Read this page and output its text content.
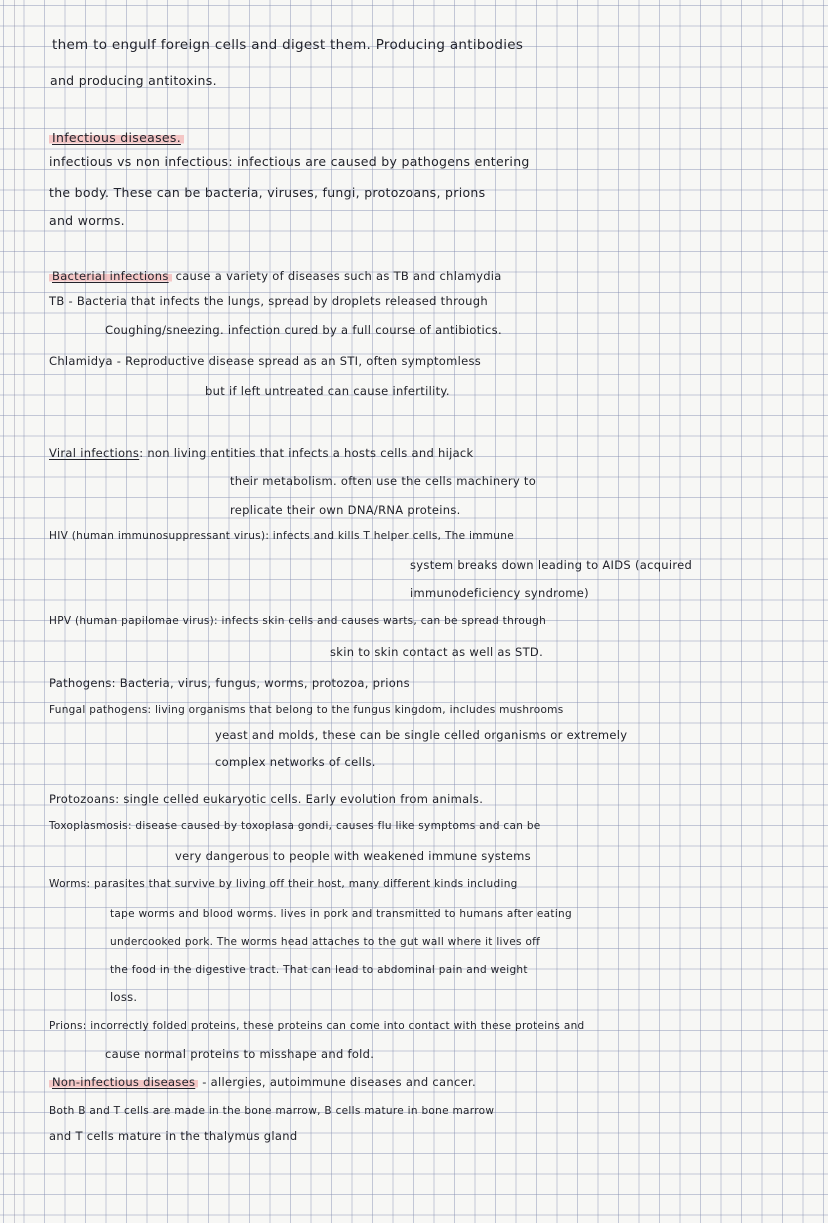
them to engulf foreign cells and digest them. Producing antibodies
and producing antitoxins.
Infectious diseases.
infectious vs non infectious: infectious are caused by pathogens entering
the body. These can be bacteria, viruses, fungi, protozoans, prions
and worms.
Bacterial infections cause a variety of diseases such as TB and chlamydia
TB - Bacteria that infects the lungs, spread by droplets released through
Coughing/sneezing. infection cured by a full course of antibiotics.
Chlamidya - Reproductive disease spread as an STI, often symptomless
but if left untreated can cause infertility.
Viral infections: non living entities that infects a hosts cells and hijack
their metabolism. often use the cells machinery to
replicate their own DNA/RNA proteins.
HIV (human immunosuppressant virus): infects and kills T helper cells, The immune
system breaks down leading to AIDS (acquired
immunodeficiency syndrome)
HPV (human papilomae virus): infects skin cells and causes warts, can be spread through
skin to skin contact as well as STD.
Pathogens: Bacteria, virus, fungus, worms, protozoa, prions
Fungal pathogens: living organisms that belong to the fungus kingdom, includes mushrooms
yeast and molds, these can be single celled organisms or extremely
complex networks of cells.
Protozoans: single celled eukaryotic cells. Early evolution from animals.
Toxoplasmosis: disease caused by toxoplasa gondi, causes flu like symptoms and can be
very dangerous to people with weakened immune systems
Worms: parasites that survive by living off their host, many different kinds including
tape worms and blood worms. lives in pork and transmitted to humans after eating
undercooked pork. The worms head attaches to the gut wall where it lives off
the food in the digestive tract. That can lead to abdominal pain and weight
loss.
Prions: incorrectly folded proteins, these proteins can come into contact with these proteins and
cause normal proteins to misshape and fold.
Non-infectious diseases - allergies, autoimmune diseases and cancer.
Both B and T cells are made in the bone marrow, B cells mature in bone marrow
and T cells mature in the thalymus gland
